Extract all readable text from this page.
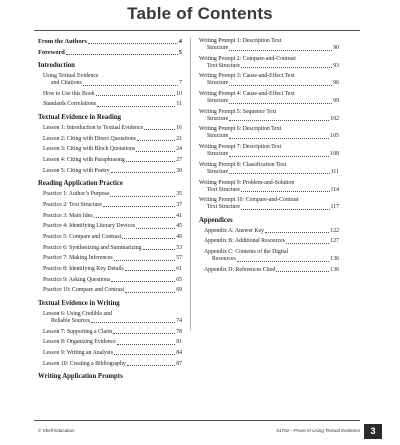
Table of Contents
From the Authors	4
Foreword	5
Introduction
Using Textual Evidence
and Citations	7
How to Use this Book	10
Standards Correlations	11
Textual Evidence in Reading
Lesson 1: Introduction to Textual Evidence	16
Lesson 2: Citing with Direct Quotations	21
Lesson 3: Citing with Block Quotations	24
Lesson 4: Citing with Paraphrasing	27
Lesson 5: Citing with Poetry	30
Reading Application Practice
Practice 1: Author’s Purpose	35
Practice 2: Text Structure	37
Practice 3: Main Idea	41
Practice 4: Identifying Literary Devices	45
Practice 5: Compare and Contrast	49
Practice 6: Synthesizing and Summarizing	53
Practice 7: Making Inferences	57
Practice 8: Identifying Key Details	61
Practice 9: Asking Questions	65
Practice 10: Compare and Contrast	69
Textual Evidence in Writing
Lesson 6: Using Credible and
Reliable Sources	74
Lesson 7: Supporting a Claim	78
Lesson 8: Organizing Evidence	81
Lesson 9: Writing an Analysis	84
Lesson 10: Creating a Bibliography	87
Writing Application Prompts
Writing Prompt 1: Description Text
Structure	90
Writing Prompt 2: Compare-and-Contrast
Text Structure	93
Writing Prompt 3: Cause-and-Effect Text
Structure	96
Writing Prompt 4: Cause-and-Effect Text
Structure	99
Writing Prompt 5: Sequence Text
Structure	102
Writing Prompt 6: Description Text
Structure	105
Writing Prompt 7: Description Text
Structure	108
Writing Prompt 8: Classification Text
Structure	111
Writing Prompt 9: Problem-and-Solution
Text Structure	114
Writing Prompt 10: Compare-and-Contrast
Text Structure	117
Appendices
Appendix A: Answer Key	122
Appendix B: Additional Resources	127
Appendix C: Contents of the Digital
Resources	136
Appendix D: References Cited	136
© Shell Education	51701—Prove It! Using Textual Evidence	3
